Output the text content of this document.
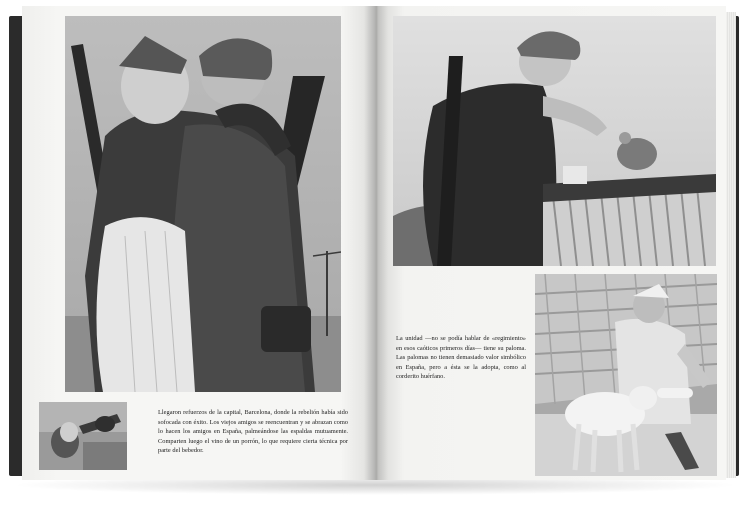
Llegaron refuerzos de la capital, Barcelona, donde la rebelión había sido sofocada con éxito. Los viejos amigos se reencuentran y se abrazan como lo hacen los amigos en España, palmeándose las espaldas mutuamente. Comparten luego el vino de un porrón, lo que requiere cierta técnica por parte del bebedor.

La unidad —no se podía hablar de «regimiento» en esos caóticos primeros días— tiene su paloma. Las palomas no tienen demasiado valor simbólico en España, pero a ésta se la adopta, como al corderito huérfano.
